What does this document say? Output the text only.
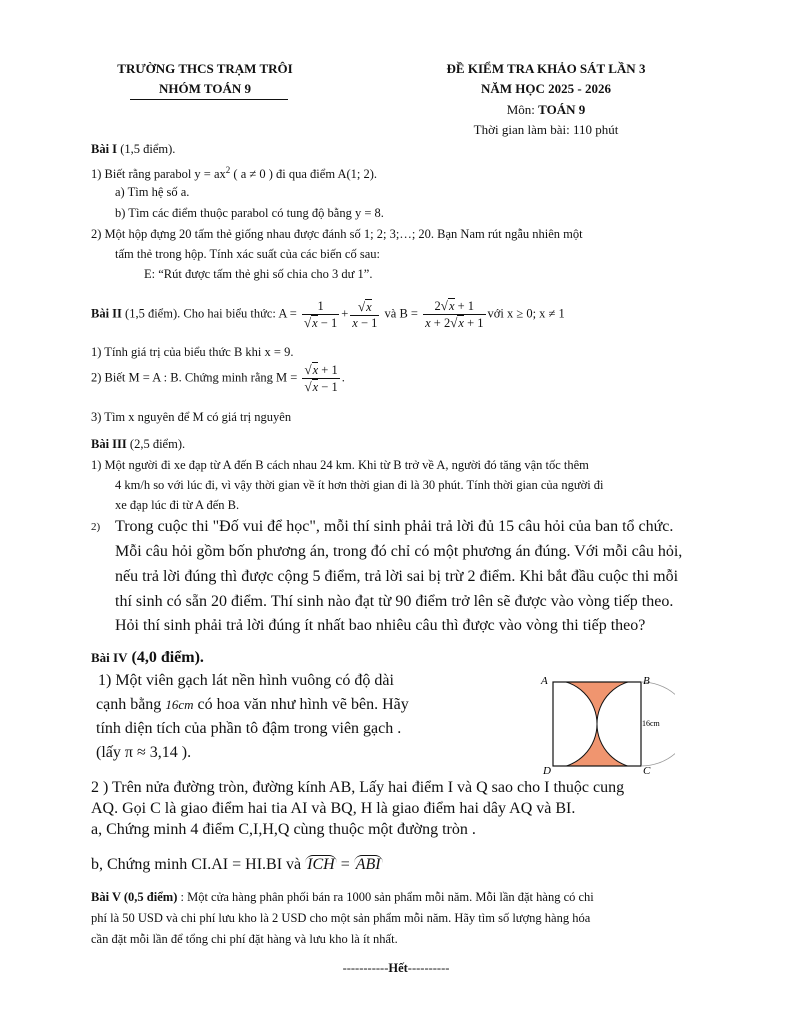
TRƯỜNG THCS TRẠM TRÔI
NHÓM TOÁN 9
ĐỀ KIỂM TRA KHẢO SÁT LẦN 3
NĂM HỌC 2025 - 2026
Môn: TOÁN 9
Thời gian làm bài: 110 phút
Bài I (1,5 điểm).
1) Biết rằng parabol $y = ax^2$ ( a ≠ 0 ) đi qua điểm A(1; 2).
a) Tìm hệ số a.
b) Tìm các điểm thuộc parabol có tung độ bằng y = 8.
2) Một hộp đựng 20 tấm thẻ giống nhau được đánh số 1; 2; 3;…; 20. Bạn Nam rút ngẫu nhiên một
tấm thẻ trong hộp. Tính xác suất của các biến cố sau:
E: “Rút được tấm thẻ ghi số chia cho 3 dư 1”.
Bài II (1,5 điểm). Cho hai biểu thức: $A = \frac{1}{√x - 1} + \frac{√x}{x - 1}$ và $B = \frac{2√x + 1}{x + 2√x + 1}$ với x ≥ 0; x ≠ 1
1) Tính giá trị của biểu thức B khi x = 9.
2) Biết M = A : B. Chứng minh rằng $M = \frac{√x + 1}{√x - 1}$ .
3) Tìm x nguyên để M có giá trị nguyên
Bài III (2,5 điểm).
1) Một người đi xe đạp từ A đến B cách nhau 24 km. Khi từ B trở về A, người đó tăng vận tốc thêm
4 km/h so với lúc đi, vì vậy thời gian về ít hơn thời gian đi là 30 phút. Tính thời gian của người đi
xe đạp lúc đi từ A đến B.
2) Trong cuộc thi "Đố vui để học", mỗi thí sinh phải trả lời đủ 15 câu hỏi của ban tổ chức.
Mỗi câu hỏi gồm bốn phương án, trong đó chỉ có một phương án đúng. Với mỗi câu hỏi,
nếu trả lời đúng thì được cộng 5 điểm, trả lời sai bị trừ 2 điểm. Khi bắt đầu cuộc thi mỗi
thí sinh có sẵn 20 điểm. Thí sinh nào đạt từ 90 điểm trở lên sẽ được vào vòng tiếp theo.
Hỏi thí sinh phải trả lời đúng ít nhất bao nhiêu câu thì được vào vòng thi tiếp theo?
Bài IV (4,0 điểm).
1) Một viên gạch lát nền hình vuông có độ dài
cạnh bằng 16cm có hoa văn như hình vẽ bên. Hãy
tính diện tích của phần tô đậm trong viên gạch .
(lấy π ≈ 3,14 ).
A	B
C
D
16cm
2 ) Trên nửa đường tròn, đường kính AB, Lấy hai điểm I và Q sao cho I thuộc cung
AQ. Gọi C là giao điểm hai tia AI và BQ, H là giao điểm hai dây AQ và BI.
a, Chứng minh 4 điểm C,I,H,Q cùng thuộc một đường tròn .
b, Chứng minh CI.AI = HI.BI và ICH = ABI
Bài V (0,5 điểm) : Một cửa hàng phân phối bán ra 1000 sản phẩm mỗi năm. Mỗi lần đặt hàng có chi
phí là 50 USD và chi phí lưu kho là 2 USD cho một sản phẩm mỗi năm. Hãy tìm số lượng hàng hóa
cần đặt mỗi lần để tổng chi phí đặt hàng và lưu kho là ít nhất.
-----------Hết----------
